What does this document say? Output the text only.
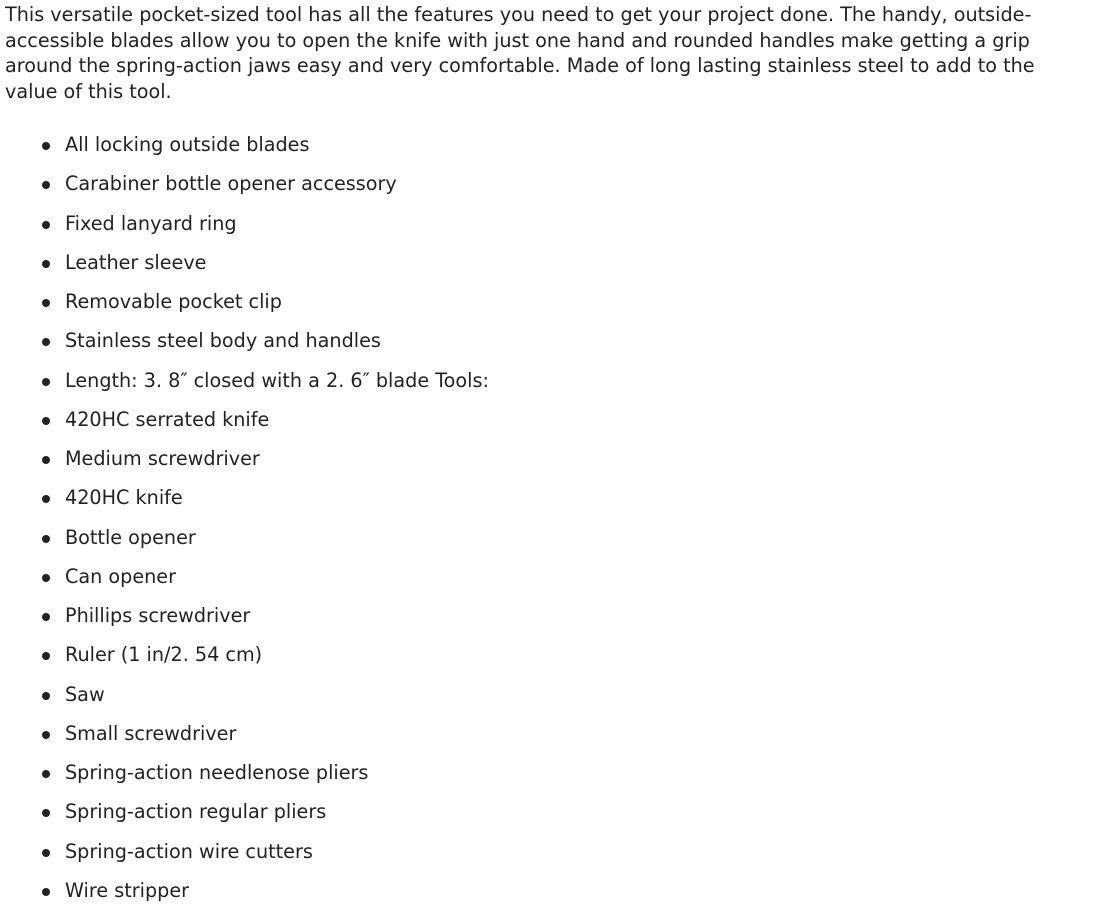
This versatile pocket-sized tool has all the features you need to get your project done. The handy, outside-
accessible blades allow you to open the knife with just one hand and rounded handles make getting a grip
around the spring-action jaws easy and very comfortable. Made of long lasting stainless steel to add to the
value of this tool.

All locking outside blades
Carabiner bottle opener accessory
Fixed lanyard ring
Leather sleeve
Removable pocket clip
Stainless steel body and handles
Length: 3. 8″ closed with a 2. 6″ blade Tools:
420HC serrated knife
Medium screwdriver
420HC knife
Bottle opener
Can opener
Phillips screwdriver
Ruler (1 in/2. 54 cm)
Saw
Small screwdriver
Spring-action needlenose pliers
Spring-action regular pliers
Spring-action wire cutters
Wire stripper
